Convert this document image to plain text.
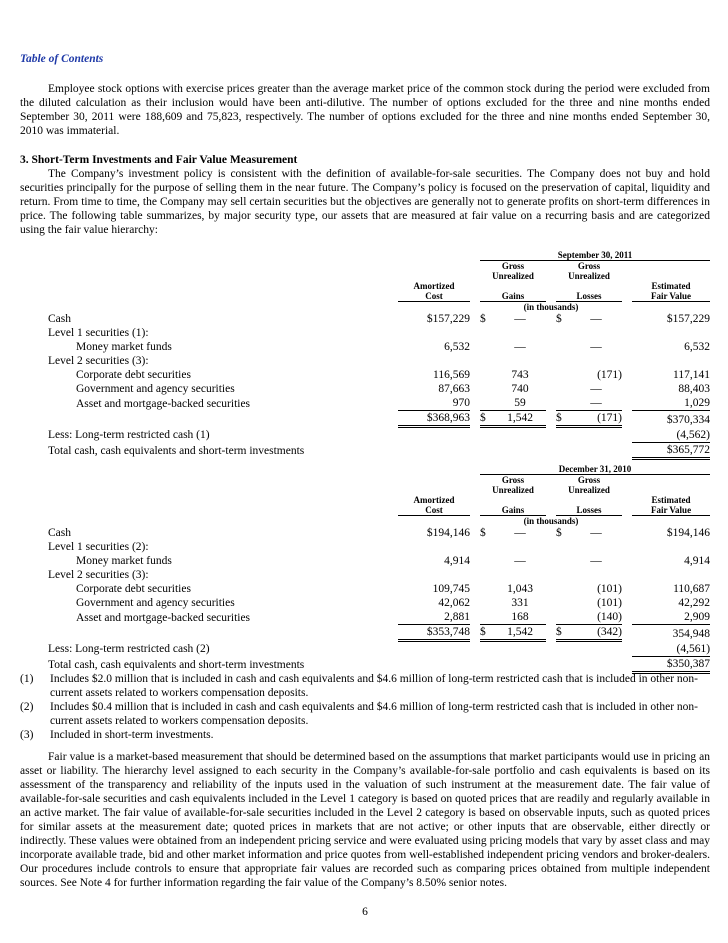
Table of Contents

Employee stock options with exercise prices greater than the average market price of the common stock during the period were excluded from the diluted calculation as their inclusion would have been anti-dilutive. The number of options excluded for the three and nine months ended September 30, 2011 were 188,609 and 75,823, respectively. The number of options excluded for the three and nine months ended September 30, 2010 was immaterial.

3. Short-Term Investments and Fair Value Measurement

The Company’s investment policy is consistent with the definition of available-for-sale securities. The Company does not buy and hold securities principally for the purpose of selling them in the near future. The Company’s policy is focused on the preservation of capital, liquidity and return. From time to time, the Company may sell certain securities but the objectives are generally not to generate profits on short-term differences in price. The following table summarizes, by major security type, our assets that are measured at fair value on a recurring basis and are categorized using the fair value hierarchy:

			September 30, 2011						
			Gross			Gross			
			Unrealized			Unrealized			
	Amortized								Estimated
	Cost		Gains			Losses			Fair Value
			(in thousands)						
Cash	$157,229		$	—		$	—		$157,229
Level 1 securities (1):									
Money market funds	6,532			—			—		6,532
Level 2 securities (3):									
Corporate debt securities	116,569			743			(171)		117,141
Government and agency securities	87,663			740			—		88,403
Asset and mortgage-backed securities	970			59			—		1,029
	$368,963		$	1,542		$	(171)		$370,334
Less: Long-term restricted cash (1)									(4,562)
Total cash, cash equivalents and short-term investments									$365,772
			December 31, 2010						
			Gross			Gross			
			Unrealized			Unrealized			
	Amortized								Estimated
	Cost		Gains			Losses			Fair Value
			(in thousands)						
Cash	$194,146		$	—		$	—		$194,146
Level 1 securities (2):									
Money market funds	4,914			—			—		4,914
Level 2 securities (3):									
Corporate debt securities	109,745			1,043			(101)		110,687
Government and agency securities	42,062			331			(101)		42,292
Asset and mortgage-backed securities	2,881			168			(140)		2,909
	$353,748		$	1,542		$	(342)		354,948
Less: Long-term restricted cash (2)									(4,561)
Total cash, cash equivalents and short-term investments									$350,387
(1) Includes $2.0 million that is included in cash and cash equivalents and $4.6 million of long-term restricted cash that is included in other non-current assets related to workers compensation deposits.

(2) Includes $0.4 million that is included in cash and cash equivalents and $4.6 million of long-term restricted cash that is included in other non-current assets related to workers compensation deposits.

(3) Included in short-term investments.

Fair value is a market-based measurement that should be determined based on the assumptions that market participants would use in pricing an asset or liability. The hierarchy level assigned to each security in the Company’s available-for-sale portfolio and cash equivalents is based on its assessment of the transparency and reliability of the inputs used in the valuation of such instrument at the measurement date. The fair value of available-for-sale securities and cash equivalents included in the Level 1 category is based on quoted prices that are readily and regularly available in an active market. The fair value of available-for-sale securities included in the Level 2 category is based on observable inputs, such as quoted prices for similar assets at the measurement date; quoted prices in markets that are not active; or other inputs that are observable, either directly or indirectly. These values were obtained from an independent pricing service and were evaluated using pricing models that vary by asset class and may incorporate available trade, bid and other market information and price quotes from well-established independent pricing vendors and broker-dealers. Our procedures include controls to ensure that appropriate fair values are recorded such as comparing prices obtained from multiple independent sources. See Note 4 for further information regarding the fair value of the Company’s 8.50% senior notes.

6
